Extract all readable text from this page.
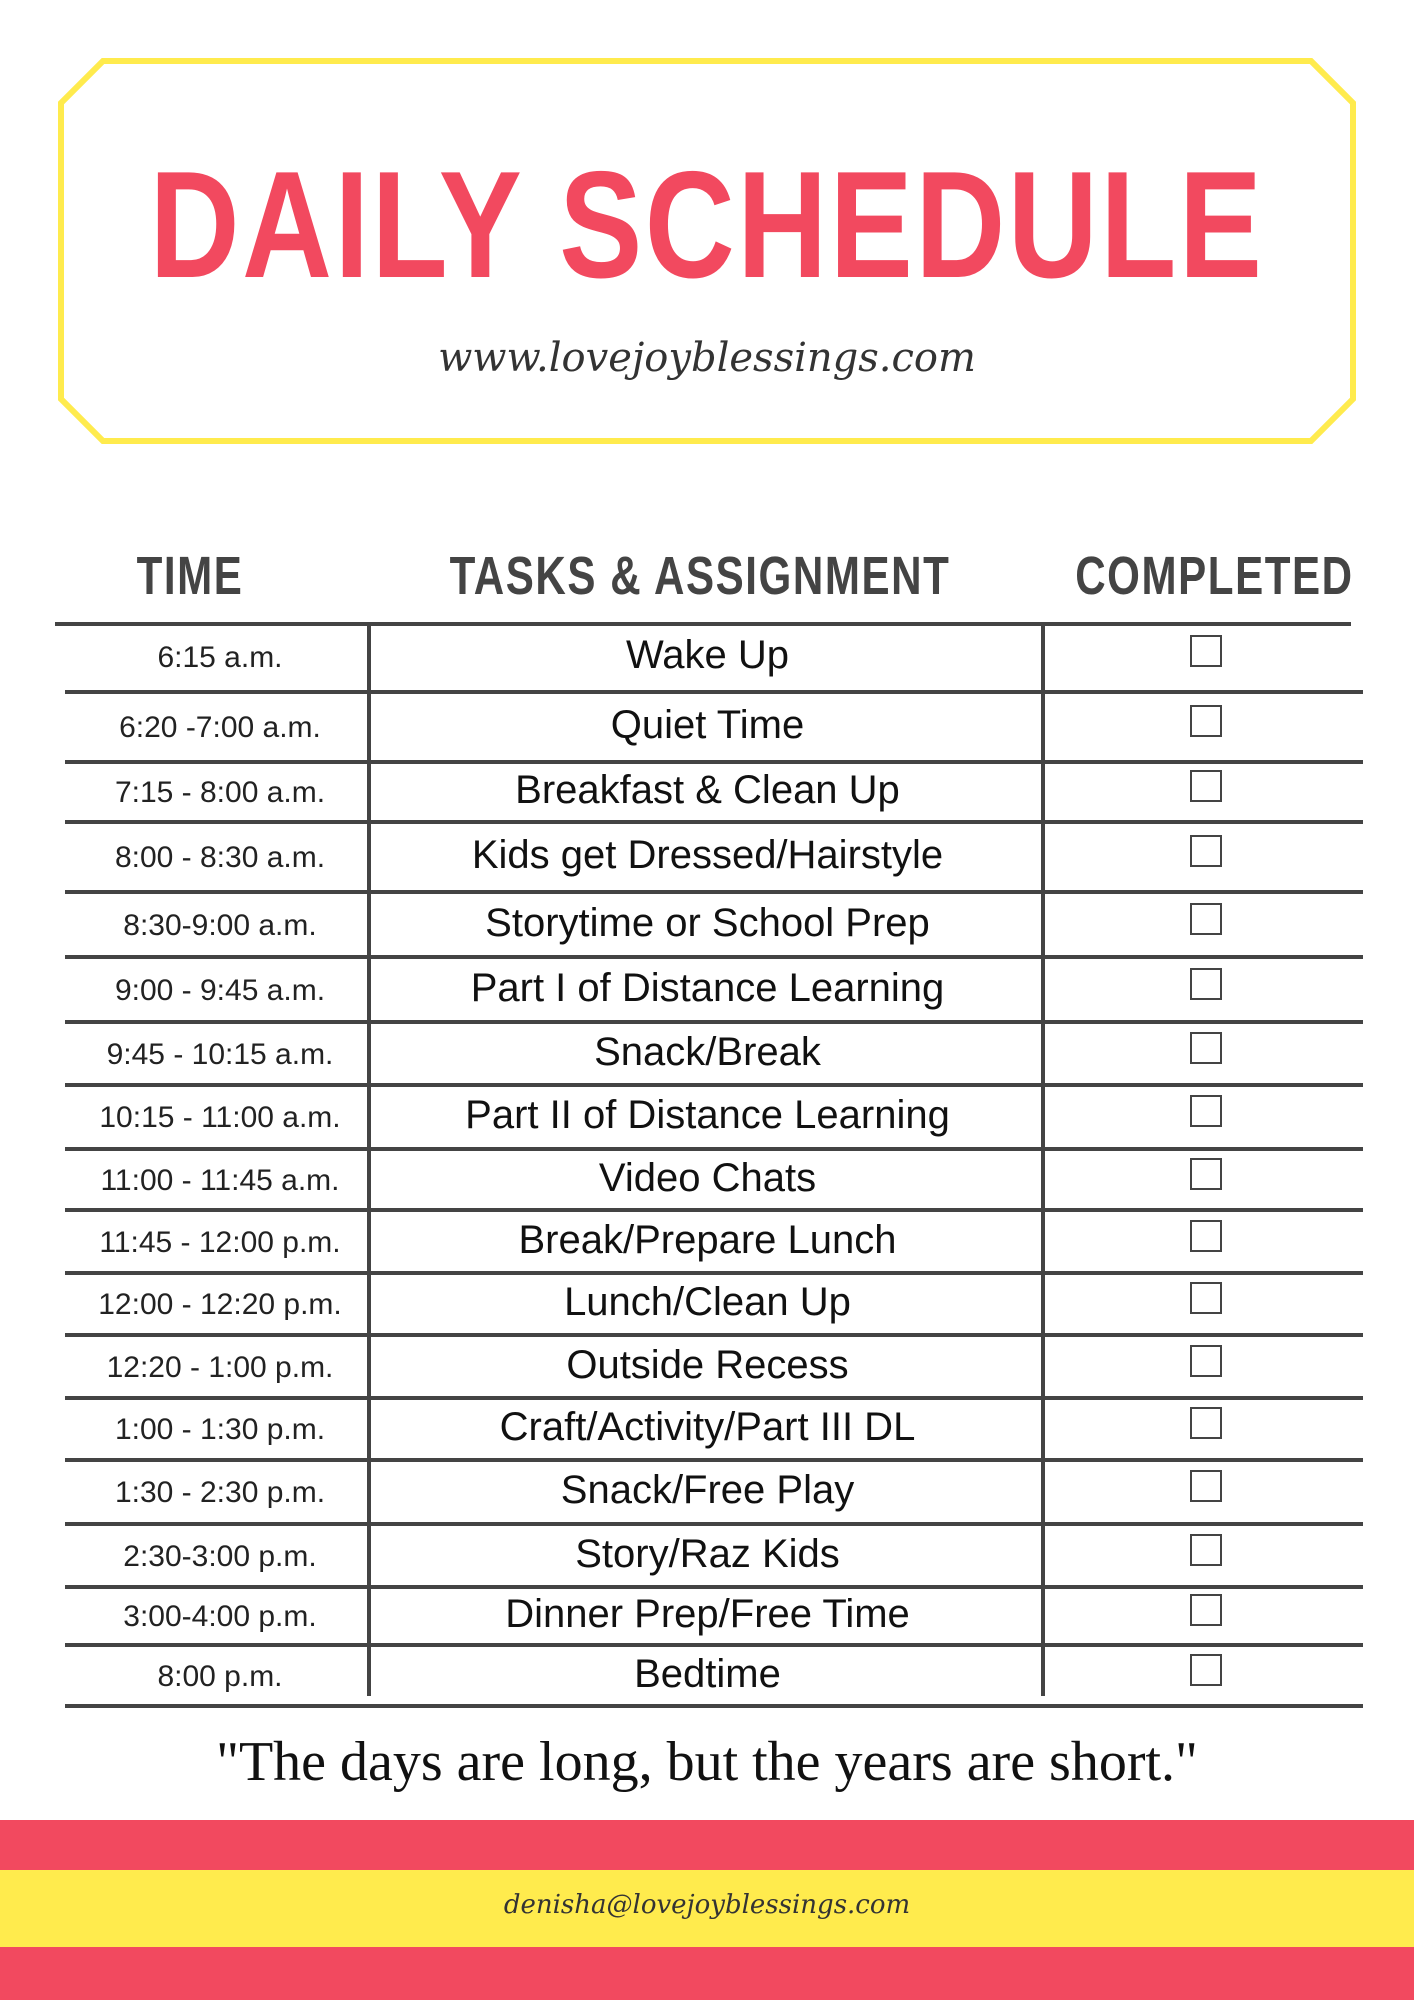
DAILY SCHEDULE
www.lovejoyblessings.com
TIME	TASKS & ASSIGNMENT	COMPLETED
6:15 a.m.	Wake Up
6:20 -7:00 a.m.	Quiet Time
7:15 - 8:00 a.m.	Breakfast & Clean Up
8:00 - 8:30 a.m.	Kids get Dressed/Hairstyle
8:30-9:00 a.m.	Storytime or School Prep
9:00 - 9:45 a.m.	Part I of Distance Learning
9:45 - 10:15 a.m.	Snack/Break
10:15 - 11:00 a.m.	Part II of Distance Learning
11:00 - 11:45 a.m.	Video Chats
11:45 - 12:00 p.m.	Break/Prepare Lunch
12:00 - 12:20 p.m.	Lunch/Clean Up
12:20 - 1:00 p.m.	Outside Recess
1:00 - 1:30 p.m.	Craft/Activity/Part III DL
1:30 - 2:30 p.m.	Snack/Free Play
2:30-3:00 p.m.	Story/Raz Kids
3:00-4:00 p.m.	Dinner Prep/Free Time
8:00 p.m.	Bedtime
"The days are long, but the years are short."
denisha@lovejoyblessings.com
